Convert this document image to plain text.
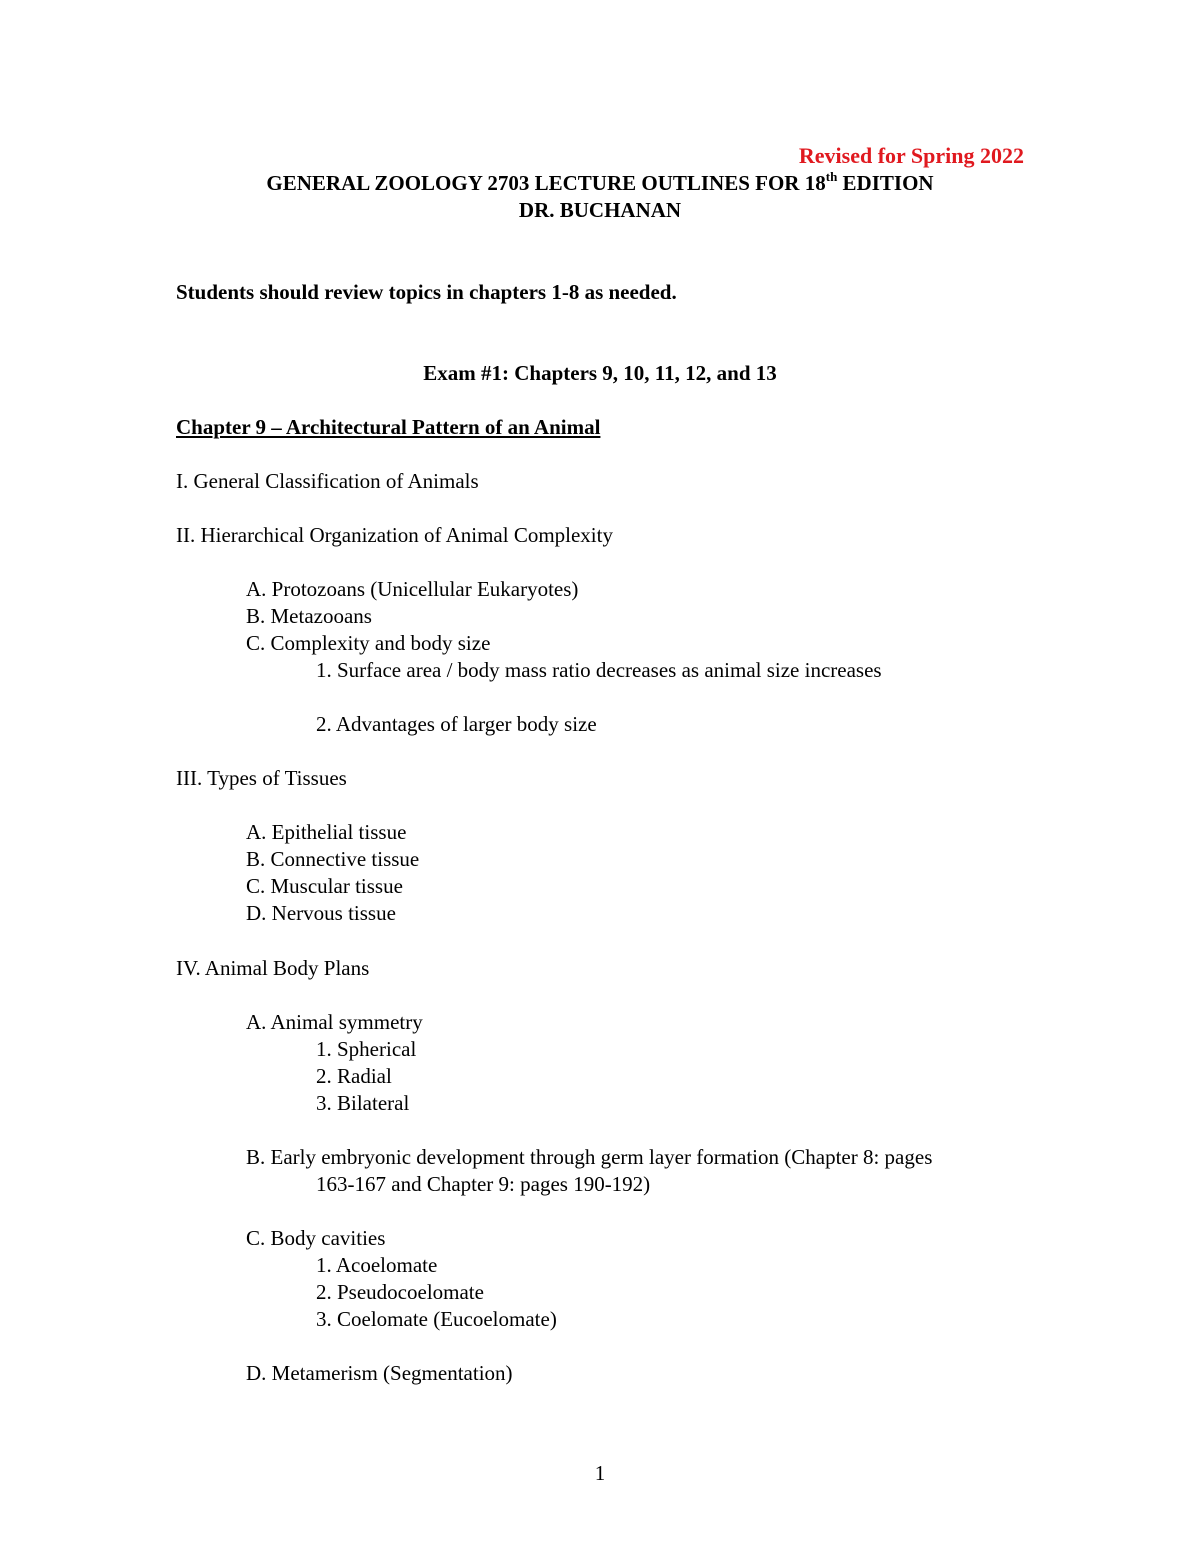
Revised for Spring 2022
GENERAL ZOOLOGY 2703 LECTURE OUTLINES FOR 18th EDITION
DR. BUCHANAN
Students should review topics in chapters 1-8 as needed.
Exam #1: Chapters 9, 10, 11, 12, and 13
Chapter 9 – Architectural Pattern of an Animal
I. General Classification of Animals
II. Hierarchical Organization of Animal Complexity
A. Protozoans (Unicellular Eukaryotes)
B. Metazooans
C. Complexity and body size
1. Surface area / body mass ratio decreases as animal size increases
2. Advantages of larger body size
III. Types of Tissues
A. Epithelial tissue
B. Connective tissue
C. Muscular tissue
D. Nervous tissue
IV. Animal Body Plans
A. Animal symmetry
1. Spherical
2. Radial
3. Bilateral
B. Early embryonic development through germ layer formation (Chapter 8: pages
163-167 and Chapter 9: pages 190-192)
C. Body cavities
1. Acoelomate
2. Pseudocoelomate
3. Coelomate (Eucoelomate)
D. Metamerism (Segmentation)
1
